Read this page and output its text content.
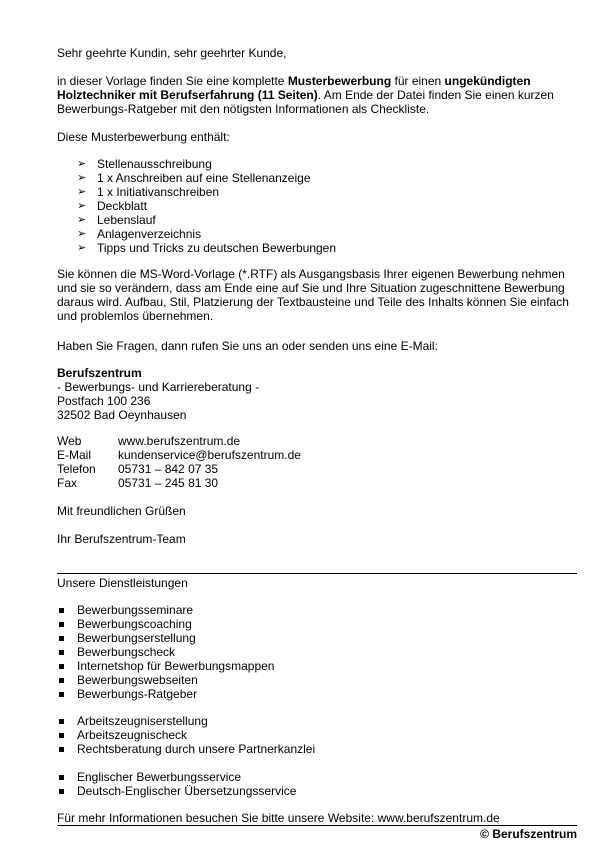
Sehr geehrte Kundin, sehr geehrter Kunde,

in dieser Vorlage finden Sie eine komplette Musterbewerbung für einen ungekündigten Holztechniker mit Berufserfahrung (11 Seiten). Am Ende der Datei finden Sie einen kurzen Bewerbungs-Ratgeber mit den nötigsten Informationen als Checkliste.

Diese Musterbewerbung enthält:

➢ Stellenausschreibung
➢ 1 x Anschreiben auf eine Stellenanzeige
➢ 1 x Initiativanschreiben
➢ Deckblatt
➢ Lebenslauf
➢ Anlagenverzeichnis
➢ Tipps und Tricks zu deutschen Bewerbungen

Sie können die MS-Word-Vorlage (*.RTF) als Ausgangsbasis Ihrer eigenen Bewerbung nehmen und sie so verändern, dass am Ende eine auf Sie und Ihre Situation zugeschnittene Bewerbung daraus wird. Aufbau, Stil, Platzierung der Textbausteine und Teile des Inhalts können Sie einfach und problemlos übernehmen.

Haben Sie Fragen, dann rufen Sie uns an oder senden uns eine E-Mail:

Berufszentrum
- Bewerbungs- und Karriereberatung -
Postfach 100 236
32502 Bad Oeynhausen
Web	www.berufszentrum.de
E-Mail kundenservice@berufszentrum.de
Telefon 05731 – 842 07 35
Fax	05731 – 245 81 30

Mit freundlichen Grüßen

Ihr Berufszentrum-Team

Unsere Dienstleistungen

Bewerbungsseminare
Bewerbungscoaching
Bewerbungserstellung
Bewerbungscheck
Internetshop für Bewerbungsmappen
Bewerbungswebseiten
Bewerbungs-Ratgeber
Arbeitszeugniserstellung
Arbeitszeugnischeck
Rechtsberatung durch unsere Partnerkanzlei
Englischer Bewerbungsservice
Deutsch-Englischer Übersetzungsservice

Für mehr Informationen besuchen Sie bitte unsere Website: www.berufszentrum.de

© Berufszentrum
